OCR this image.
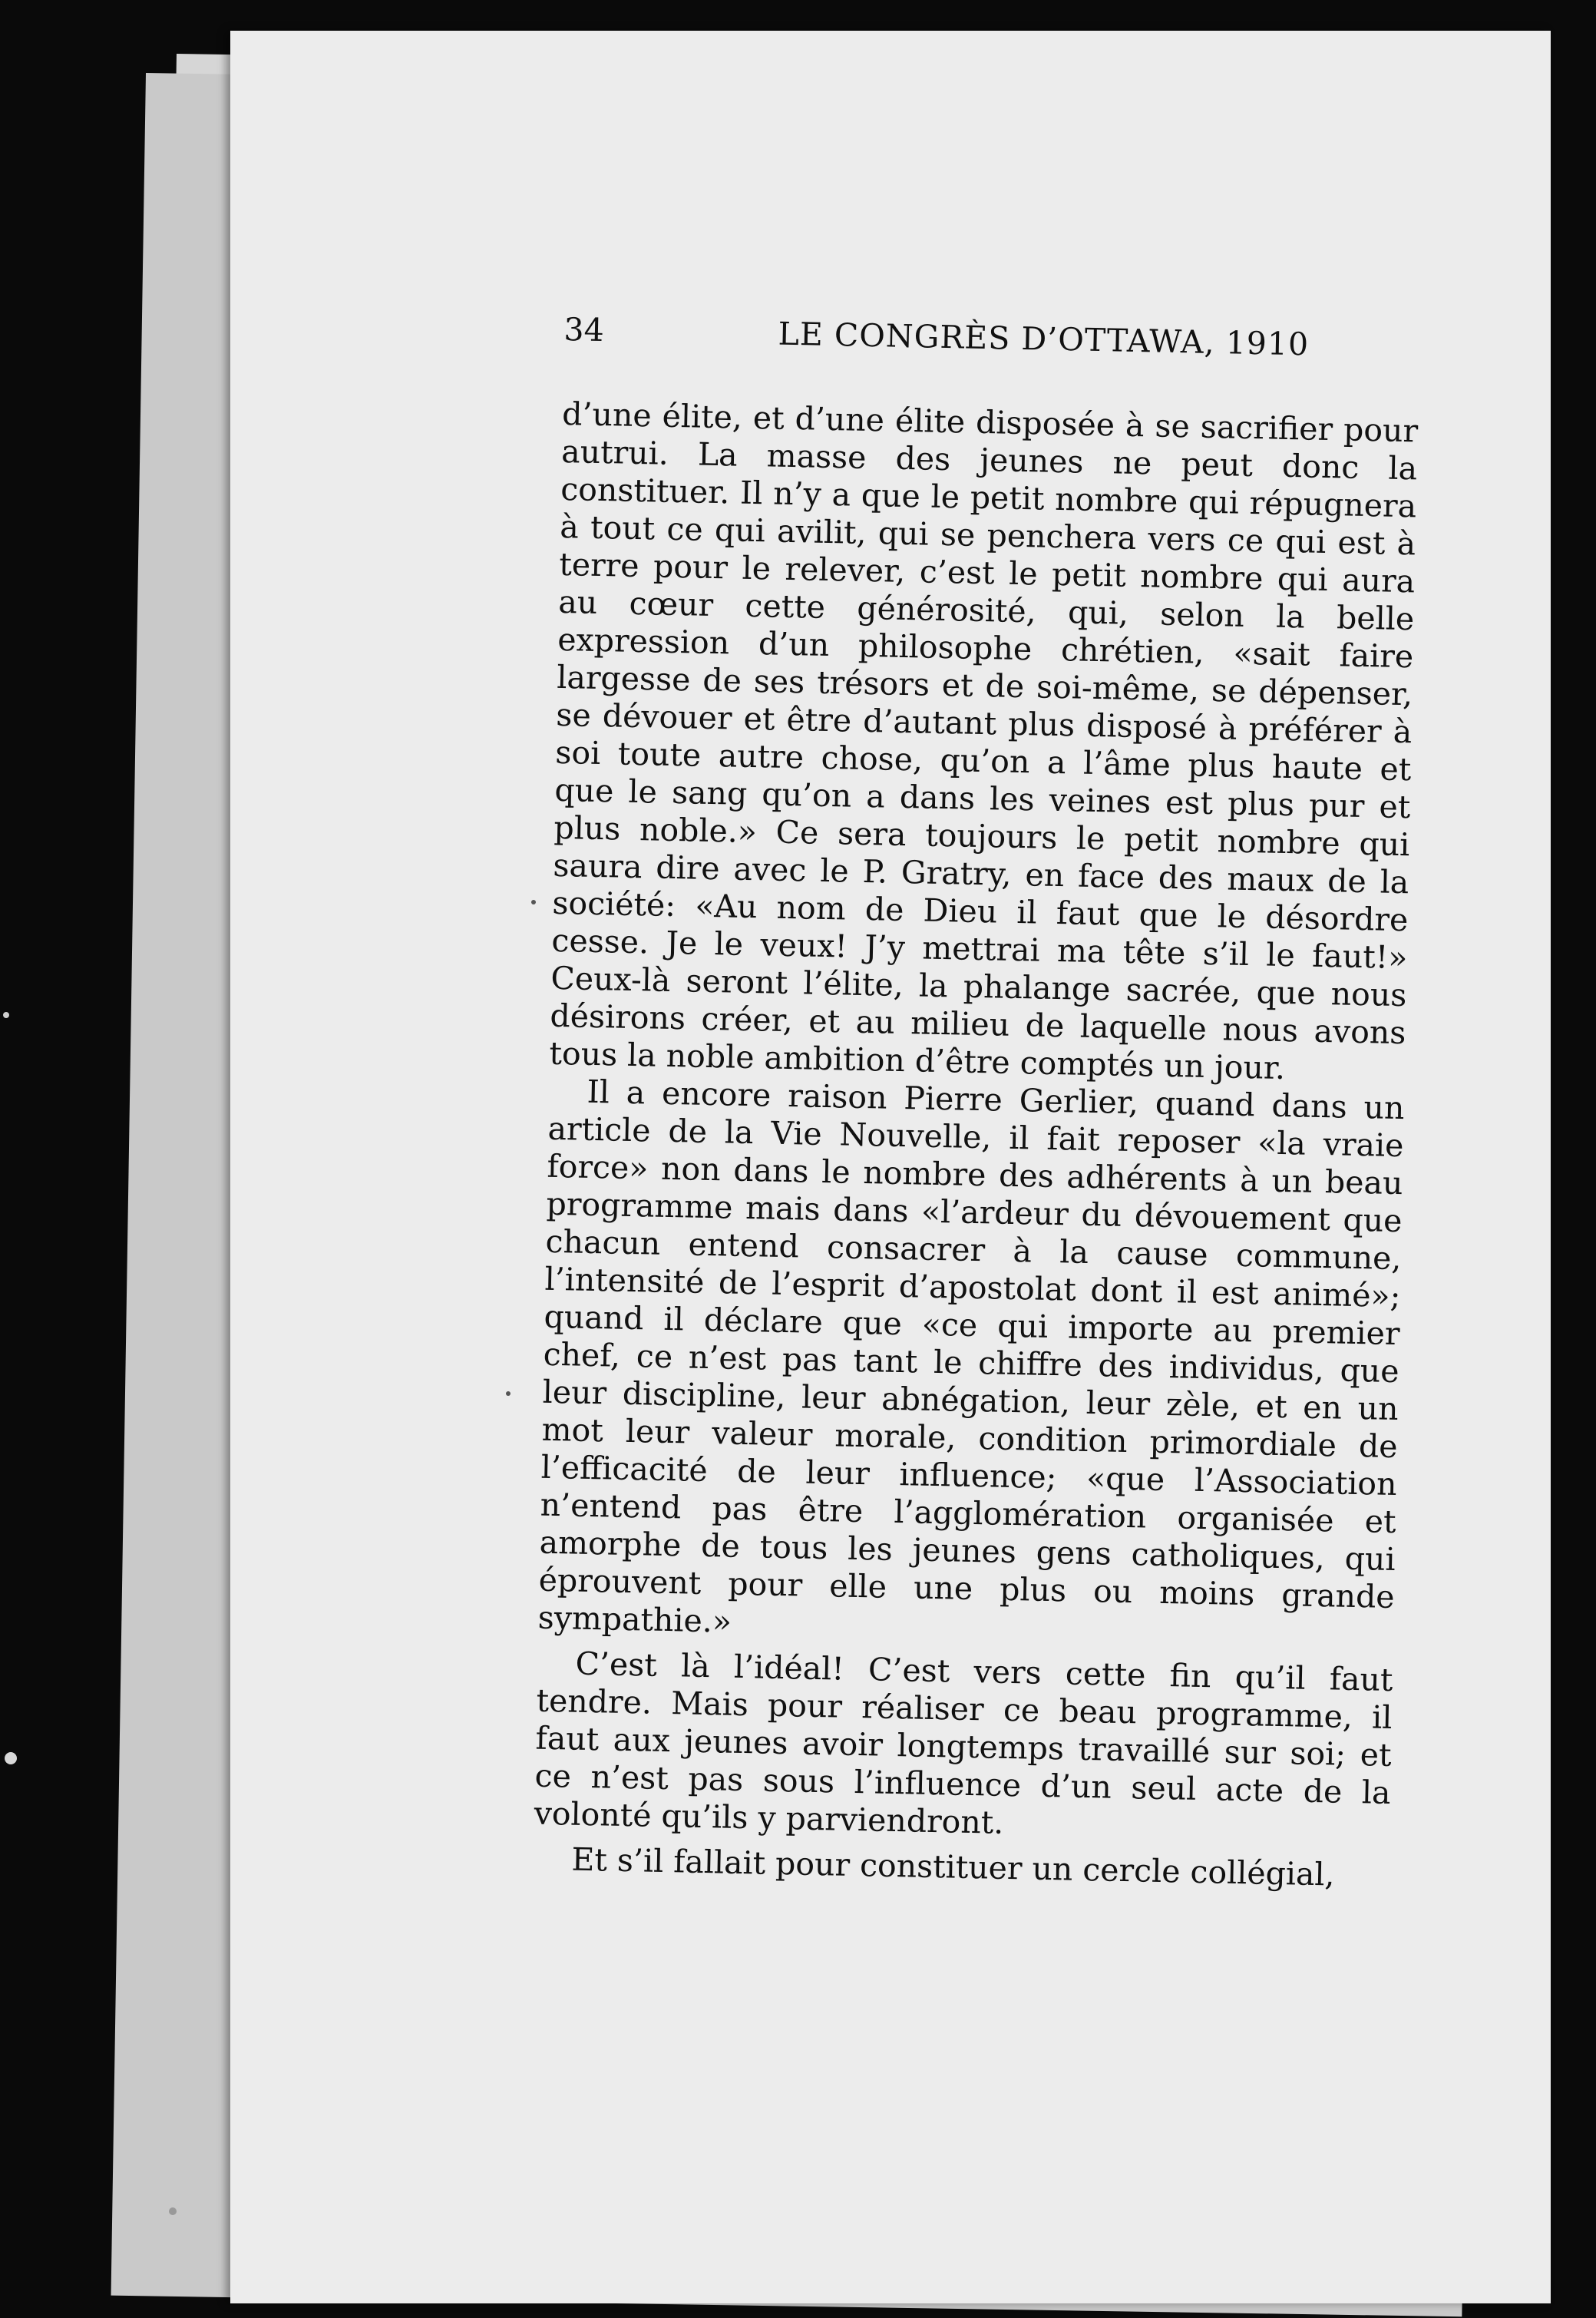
34	LE CONGRÈS D’OTTAWA, 1910

d’une élite, et d’une élite disposée à se sacrifier pour autrui. La masse des jeunes ne peut donc la constituer. Il n’y a que le petit nombre qui répugnera à tout ce qui avilit, qui se penchera vers ce qui est à terre pour le relever, c’est le petit nombre qui aura au cœur cette générosité, qui, selon la belle expression d’un philosophe chrétien, «sait faire largesse de ses trésors et de soi-même, se dépenser, se dévouer et être d’autant plus disposé à préférer à soi toute autre chose, qu’on a l’âme plus haute et que le sang qu’on a dans les veines est plus pur et plus noble.» Ce sera toujours le petit nombre qui saura dire avec le P. Gratry, en face des maux de la société: «Au nom de Dieu il faut que le désordre cesse. Je le veux! J’y mettrai ma tête s’il le faut!» Ceux-là seront l’élite, la phalange sacrée, que nous désirons créer, et au milieu de laquelle nous avons tous la noble ambition d’être comptés un jour.

Il a encore raison Pierre Gerlier, quand dans un article de la Vie Nouvelle, il fait reposer «la vraie force» non dans le nombre des adhérents à un beau programme mais dans «l’ardeur du dévouement que chacun entend consacrer à la cause commune, l’intensité de l’esprit d’apostolat dont il est animé»; quand il déclare que «ce qui importe au premier chef, ce n’est pas tant le chiffre des individus, que leur discipline, leur abnégation, leur zèle, et en un mot leur valeur morale, condition primordiale de l’efficacité de leur influence; «que l’Association n’entend pas être l’agglomération organisée et amorphe de tous les jeunes gens catholiques, qui éprouvent pour elle une plus ou moins grande sympathie.»

C’est là l’idéal! C’est vers cette fin qu’il faut tendre. Mais pour réaliser ce beau programme, il faut aux jeunes avoir longtemps travaillé sur soi; et ce n’est pas sous l’influence d’un seul acte de la volonté qu’ils y parviendront.

Et s’il fallait pour constituer un cercle collégial,
